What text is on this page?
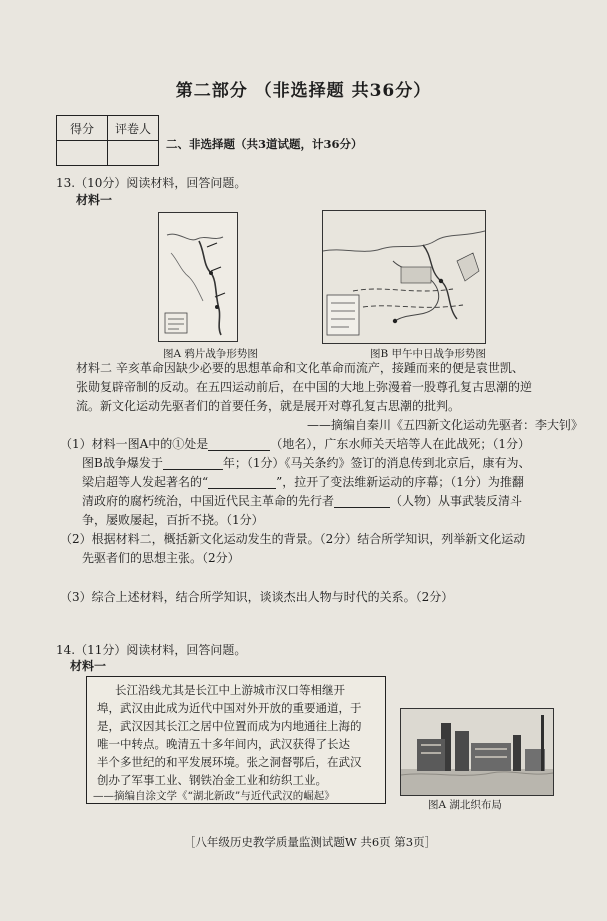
第二部分 （非选择题 共36分）
得分	评卷人

二、非选择题（共3道试题，计36分）
13.（10分）阅读材料，回答问题。
材料一
图A 鸦片战争形势图	图B 甲午中日战争形势图
材料二 辛亥革命因缺少必要的思想革命和文化革命而流产，接踵而来的便是袁世凯、
张勋复辟帝制的反动。在五四运动前后，在中国的大地上弥漫着一股尊孔复古思潮的逆
流。新文化运动先驱者们的首要任务，就是展开对尊孔复古思潮的批判。
——摘编自秦川《五四新文化运动先驱者：李大钊》
（1）材料一图A中的①处是	（地名），广东水师关天培等人在此战死；（1分）
图B战争爆发于	年；（1分）《马关条约》签订的消息传到北京后，康有为、
梁启超等人发起著名的“	”，拉开了变法维新运动的序幕；（1分）为推翻
清政府的腐朽统治，中国近代民主革命的先行者	（人物）从事武装反清斗
争，屡败屡起，百折不挠。（1分）
（2）根据材料二，概括新文化运动发生的背景。（2分）结合所学知识，列举新文化运动
先驱者们的思想主张。（2分）
（3）综合上述材料，结合所学知识，谈谈杰出人物与时代的关系。（2分）
14.（11分）阅读材料，回答问题。
材料一
长江沿线尤其是长江中上游城市汉口等相继开
埠，武汉由此成为近代中国对外开放的重要通道，于
是，武汉因其长江之居中位置而成为内地通往上海的
唯一中转点。晚清五十多年间内，武汉获得了长达
半个多世纪的和平发展环境。张之洞督鄂后，在武汉
创办了军事工业、钢铁冶金工业和纺织工业。
——摘编自涂文学《“湖北新政”与近代武汉的崛起》
图A 湖北织布局
［八年级历史教学质量监测试题W 共6页 第3页］
